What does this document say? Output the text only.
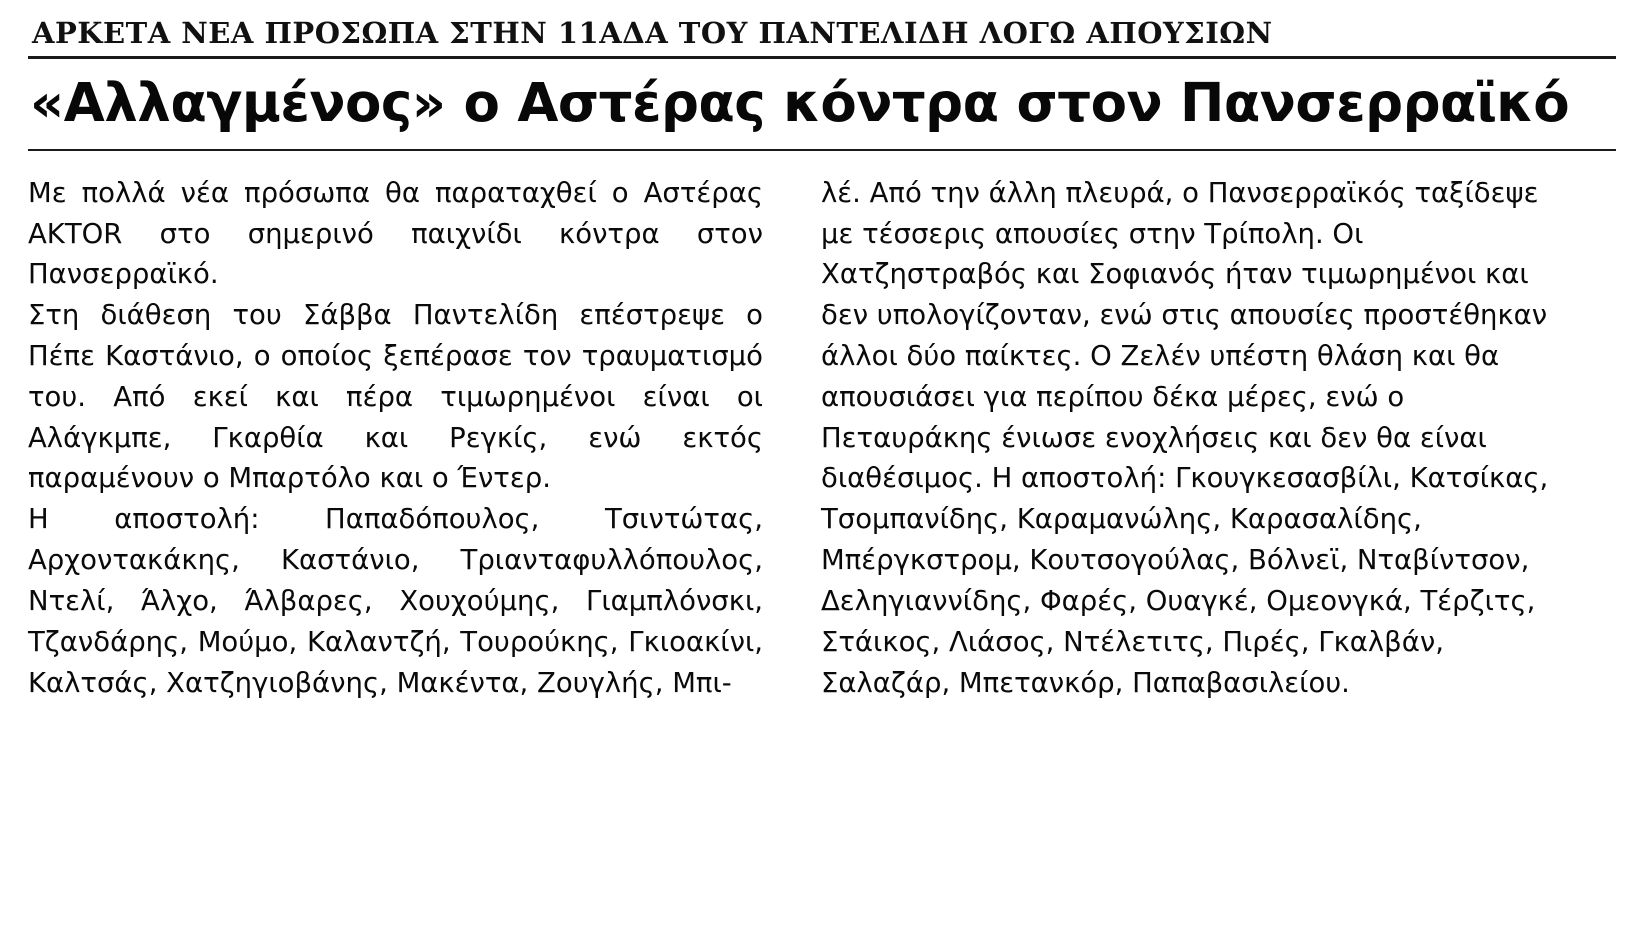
ΑΡΚΕΤΑ ΝΕΑ ΠΡΟΣΩΠΑ ΣΤΗΝ 11ΑΔΑ ΤΟΥ ΠΑΝΤΕΛΙΔΗ ΛΟΓΩ ΑΠΟΥΣΙΩΝ
«Αλλαγμένος» ο Αστέρας κόντρα στον Πανσερραϊκό

Με πολλά νέα πρόσωπα θα παραταχθεί ο Αστέρας ΑΚΤΟR στο σημερινό παιχνίδι κόντρα στον Πανσερραϊκό.

Στη διάθεση του Σάββα Παντελίδη επέστρεψε ο Πέπε Καστάνιο, ο οποίος ξεπέρασε τον τραυματισμό του. Από εκεί και πέρα τιμωρημένοι είναι οι Αλάγκμπε, Γκαρθία και Ρεγκίς, ενώ εκτός παραμένουν ο Μπαρτόλο και ο Έντερ.

Η αποστολή: Παπαδόπουλος, Τσιντώτας, Αρχοντακάκης, Καστάνιο, Τριανταφυλλόπουλος, Ντελί, Άλχο, Άλβαρες, Χουχούμης, Γιαμπλόνσκι, Τζανδάρης, Μούμο, Καλαντζή, Τουρούκης, Γκιοακίνι, Καλτσάς, Χατζηγιοβάνης, Μακέντα, Ζουγλής, Μπι-

λέ. Από την άλλη πλευρά, ο Πανσερραϊκός ταξίδεψε με τέσσερις απουσίες στην Τρίπολη. Οι Χατζηστραβός και Σοφιανός ήταν τιμωρημένοι και δεν υπολογίζονταν, ενώ στις απουσίες προστέθηκαν άλλοι δύο παίκτες. Ο Ζελέν υπέστη θλάση και θα απουσιάσει για περίπου δέκα μέρες, ενώ ο Πεταυράκης ένιωσε ενοχλήσεις και δεν θα είναι διαθέσιμος. Η αποστολή: Γκουγκεσασβίλι, Κατσίκας, Τσομπανίδης, Καραμανώλης, Καρασαλίδης, Μπέργκστρομ, Κουτσογούλας, Βόλνεϊ, Νταβίντσον, Δεληγιαννίδης, Φαρές, Ουαγκέ, Ομεονγκά, Τέρζιτς, Στάικος, Λιάσος, Ντέλετιτς, Πιρές, Γκαλβάν, Σαλαζάρ, Μπετανκόρ, Παπαβασιλείου.
